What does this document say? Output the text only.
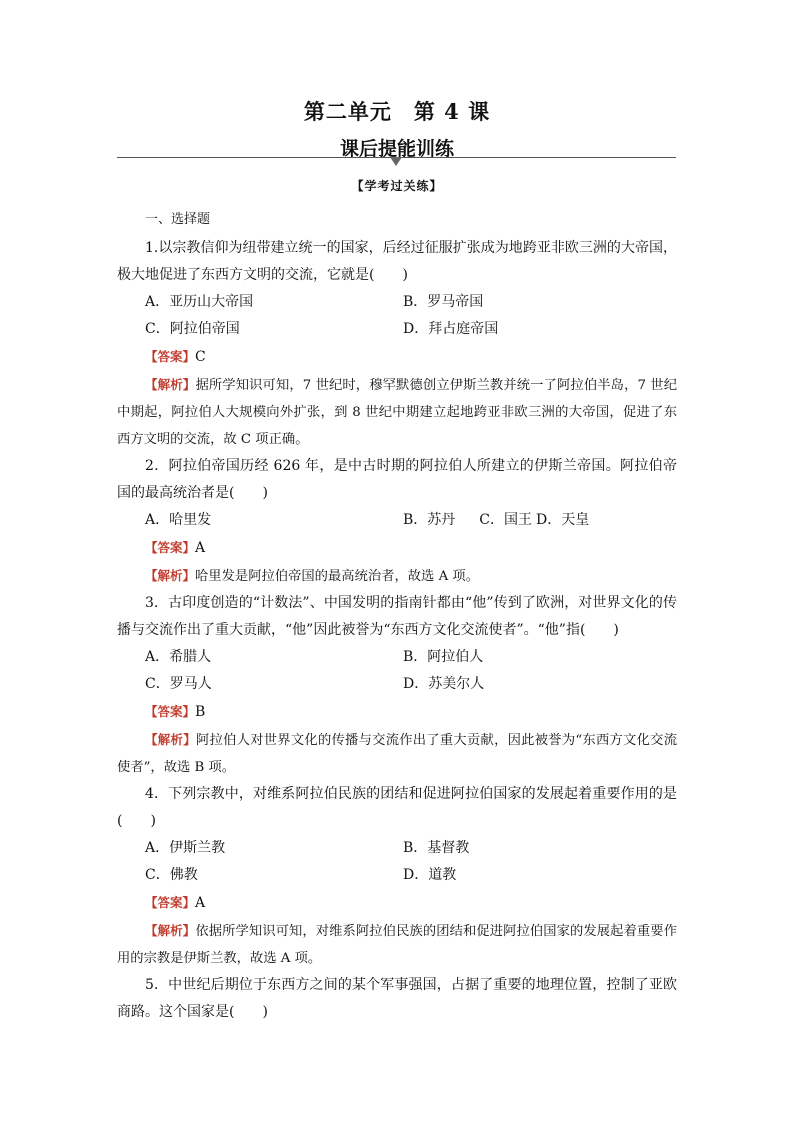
第二单元　第 4 课
课后提能训练
【学考过关练】

一、选择题

1.以宗教信仰为纽带建立统一的国家，后经过征服扩张成为地跨亚非欧三洲的大帝国，极大地促进了东西方文明的交流，它就是(　　)

A．亚历山大帝国	B．罗马帝国
C．阿拉伯帝国	D．拜占庭帝国

【答案】C

【解析】据所学知识可知，7 世纪时，穆罕默德创立伊斯兰教并统一了阿拉伯半岛，7 世纪中期起，阿拉伯人大规模向外扩张，到 8 世纪中期建立起地跨亚非欧三洲的大帝国，促进了东西方文明的交流，故 C 项正确。

2．阿拉伯帝国历经 626 年，是中古时期的阿拉伯人所建立的伊斯兰帝国。阿拉伯帝国的最高统治者是(　　)

A．哈里发	B．苏丹 C．国王 D．天皇

【答案】A

【解析】哈里发是阿拉伯帝国的最高统治者，故选 A 项。

3．古印度创造的“计数法”、中国发明的指南针都由“他”传到了欧洲，对世界文化的传播与交流作出了重大贡献，“他”因此被誉为“东西方文化交流使者”。“他”指(　　)

A．希腊人	B．阿拉伯人
C．罗马人	D．苏美尔人

【答案】B

【解析】阿拉伯人对世界文化的传播与交流作出了重大贡献，因此被誉为“东西方文化交流使者”，故选 B 项。

4．下列宗教中，对维系阿拉伯民族的团结和促进阿拉伯国家的发展起着重要作用的是(　　)

A．伊斯兰教	B．基督教
C．佛教	D．道教

【答案】A

【解析】依据所学知识可知，对维系阿拉伯民族的团结和促进阿拉伯国家的发展起着重要作用的宗教是伊斯兰教，故选 A 项。

5．中世纪后期位于东西方之间的某个军事强国，占据了重要的地理位置，控制了亚欧商路。这个国家是(　　)
